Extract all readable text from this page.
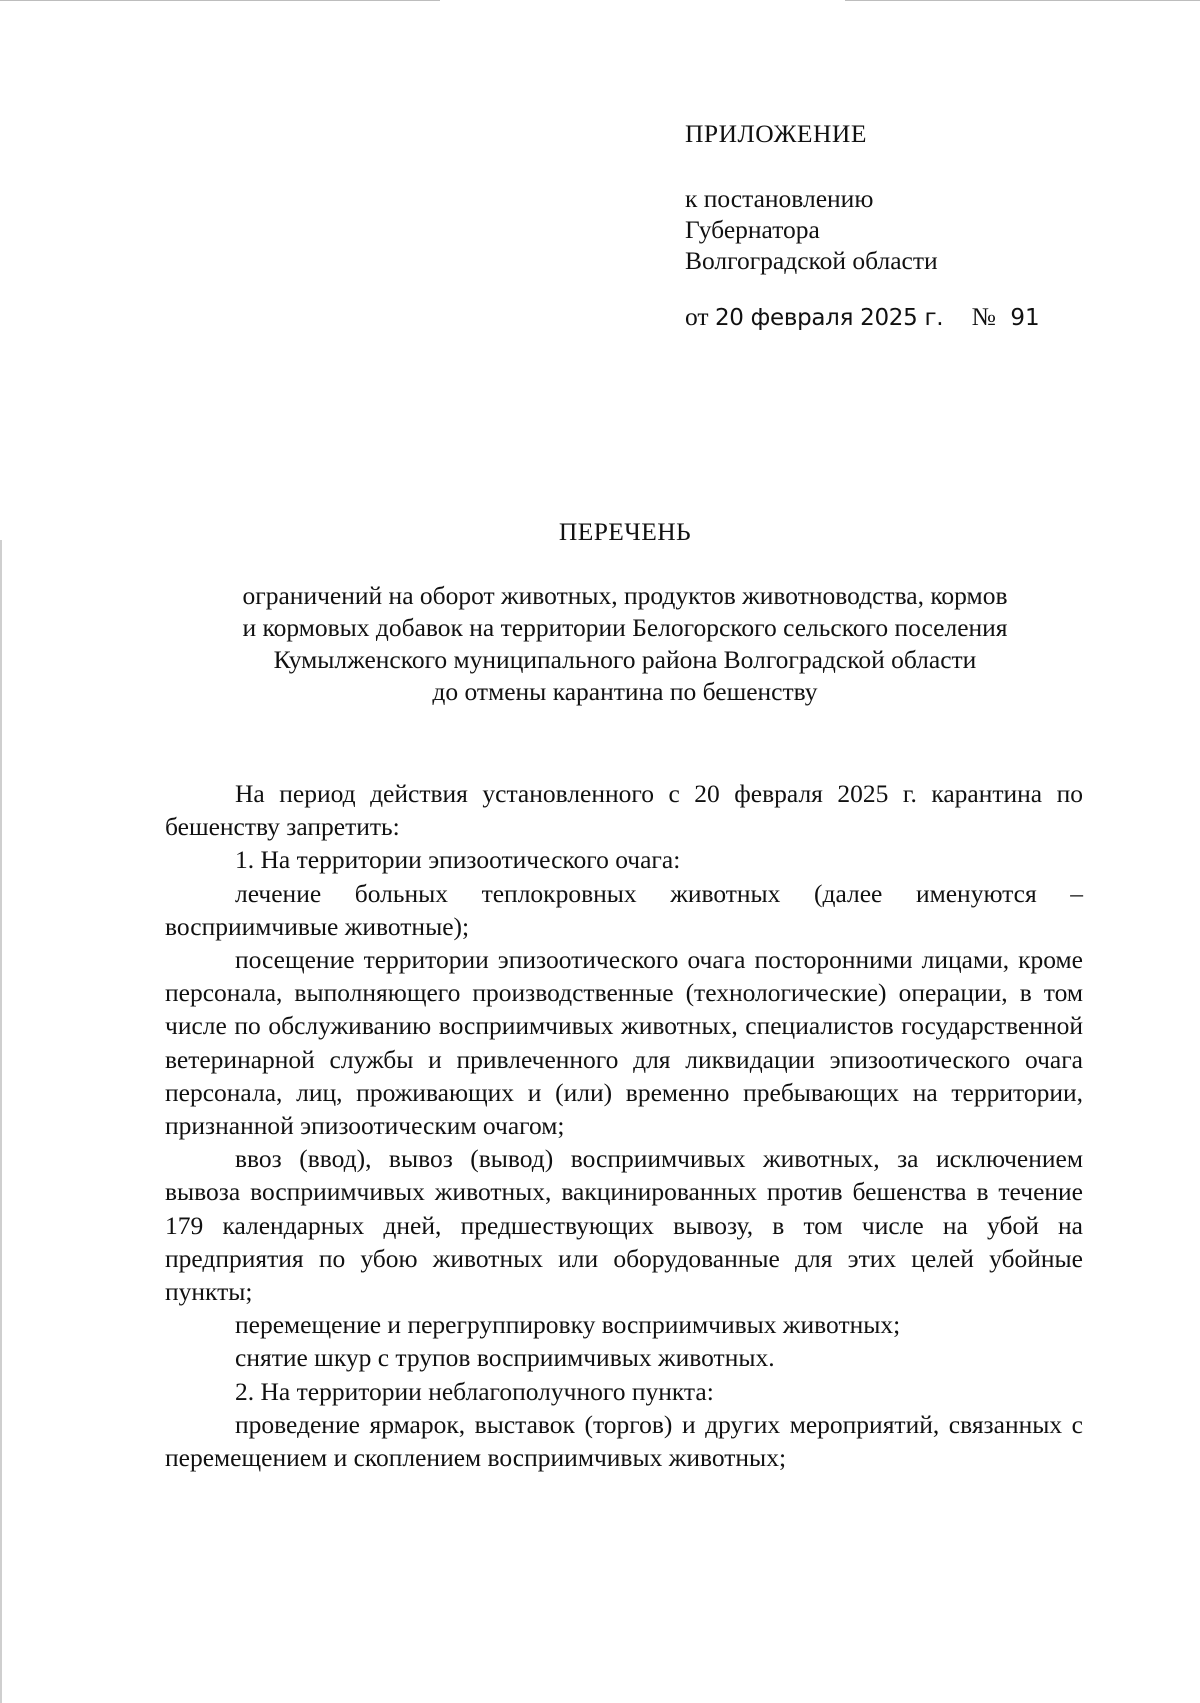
ПРИЛОЖЕНИЕ
к постановлению
Губернатора
Волгоградской области
от 20 февраля 2025 г. № 91
ПЕРЕЧЕНЬ
ограничений на оборот животных, продуктов животноводства, кормов
и кормовых добавок на территории Белогорского сельского поселения
Кумылженского муниципального района Волгоградской области
до отмены карантина по бешенству

На период действия установленного с 20 февраля 2025 г. карантина по бешенству запретить:

1. На территории эпизоотического очага:

лечение больных теплокровных животных (далее именуются – восприимчивые животные);

посещение территории эпизоотического очага посторонними лицами, кроме персонала, выполняющего производственные (технологические) операции, в том числе по обслуживанию восприимчивых животных, специалистов государственной ветеринарной службы и привлеченного для ликвидации эпизоотического очага персонала, лиц, проживающих и (или) временно пребывающих на территории, признанной эпизоотическим очагом;

ввоз (ввод), вывоз (вывод) восприимчивых животных, за исключением вывоза восприимчивых животных, вакцинированных против бешенства в течение 179 календарных дней, предшествующих вывозу, в том числе на убой на предприятия по убою животных или оборудованные для этих целей убойные пункты;

перемещение и перегруппировку восприимчивых животных;

снятие шкур с трупов восприимчивых животных.

2. На территории неблагополучного пункта:

проведение ярмарок, выставок (торгов) и других мероприятий, связанных с перемещением и скоплением восприимчивых животных;
